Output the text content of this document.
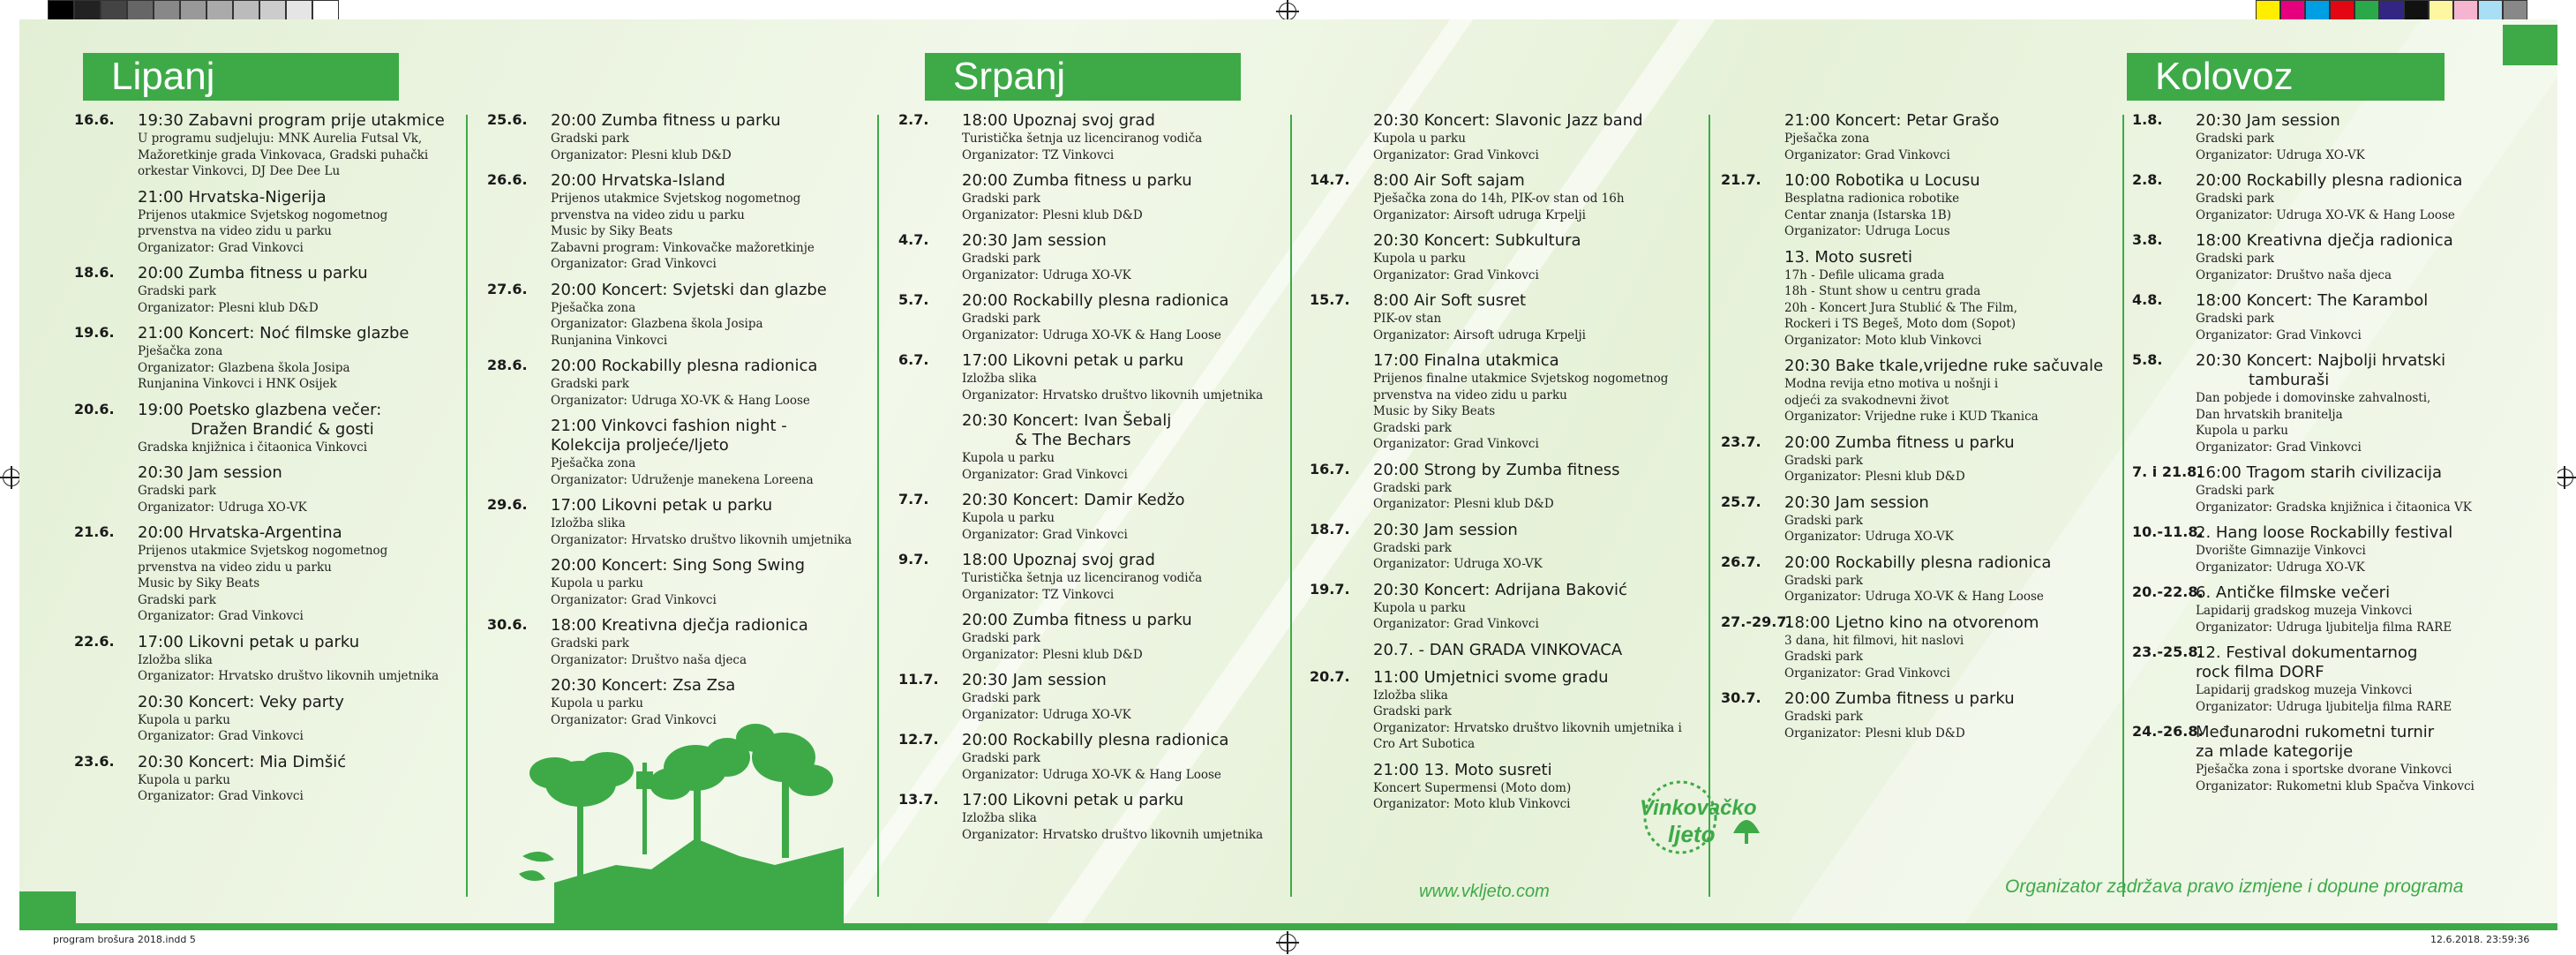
Lipanj	Srpanj	Kolovoz
16.6. 19:30 Zabavni program prije utakmice
U programu sudjeluju: MNK Aurelia Futsal Vk,
Mažoretkinje grada Vinkovaca, Gradski puhački
orkestar Vinkovci, DJ Dee Dee Lu
21:00 Hrvatska-Nigerija
Prijenos utakmice Svjetskog nogometnog
prvenstva na video zidu u parku
Organizator: Grad Vinkovci
18.6. 20:00 Zumba fitness u parku
Gradski park
Organizator: Plesni klub D&D
19.6. 21:00 Koncert: Noć filmske glazbe
Pješačka zona
Organizator: Glazbena škola Josipa
Runjanina Vinkovci i HNK Osijek
20.6. 19:00 Poetsko glazbena večer:
Dražen Brandić & gosti
Gradska knjižnica i čitaonica Vinkovci
20:30 Jam session
Gradski park
Organizator: Udruga XO-VK
21.6. 20:00 Hrvatska-Argentina
Prijenos utakmice Svjetskog nogometnog
prvenstva na video zidu u parku
Music by Siky Beats
Gradski park
Organizator: Grad Vinkovci
22.6. 17:00 Likovni petak u parku
Izložba slika
Organizator: Hrvatsko društvo likovnih umjetnika
20:30 Koncert: Veky party
Kupola u parku
Organizator: Grad Vinkovci
23.6. 20:30 Koncert: Mia Dimšić
Kupola u parku
Organizator: Grad Vinkovci
25.6. 20:00 Zumba fitness u parku
Gradski park
Organizator: Plesni klub D&D
26.6. 20:00 Hrvatska-Island
Prijenos utakmice Svjetskog nogometnog
prvenstva na video zidu u parku
Music by Siky Beats
Zabavni program: Vinkovačke mažoretkinje
Organizator: Grad Vinkovci
27.6. 20:00 Koncert: Svjetski dan glazbe
Pješačka zona
Organizator: Glazbena škola Josipa
Runjanina Vinkovci
28.6. 20:00 Rockabilly plesna radionica
Gradski park
Organizator: Udruga XO-VK & Hang Loose
21:00 Vinkovci fashion night -
Kolekcija proljeće/ljeto
Pješačka zona
Organizator: Udruženje manekena Loreena
29.6. 17:00 Likovni petak u parku
Izložba slika
Organizator: Hrvatsko društvo likovnih umjetnika
20:00 Koncert: Sing Song Swing
Kupola u parku
Organizator: Grad Vinkovci
30.6. 18:00 Kreativna dječja radionica
Gradski park
Organizator: Društvo naša djeca
20:30 Koncert: Zsa Zsa
Kupola u parku
Organizator: Grad Vinkovci
2.7. 18:00 Upoznaj svoj grad
Turistička šetnja uz licenciranog vodiča
Organizator: TZ Vinkovci
20:00 Zumba fitness u parku
Gradski park
Organizator: Plesni klub D&D
4.7. 20:30 Jam session
Gradski park
Organizator: Udruga XO-VK
5.7. 20:00 Rockabilly plesna radionica
Gradski park
Organizator: Udruga XO-VK & Hang Loose
6.7. 17:00 Likovni petak u parku
Izložba slika
Organizator: Hrvatsko društvo likovnih umjetnika
20:30 Koncert: Ivan Šebalj
& The Bechars
Kupola u parku
Organizator: Grad Vinkovci
7.7. 20:30 Koncert: Damir Kedžo
Kupola u parku
Organizator: Grad Vinkovci
9.7. 18:00 Upoznaj svoj grad
Turistička šetnja uz licenciranog vodiča
Organizator: TZ Vinkovci
20:00 Zumba fitness u parku
Gradski park
Organizator: Plesni klub D&D
11.7. 20:30 Jam session
Gradski park
Organizator: Udruga XO-VK
12.7. 20:00 Rockabilly plesna radionica
Gradski park
Organizator: Udruga XO-VK & Hang Loose
13.7. 17:00 Likovni petak u parku
Izložba slika
Organizator: Hrvatsko društvo likovnih umjetnika
20:30 Koncert: Slavonic Jazz band
Kupola u parku
Organizator: Grad Vinkovci
14.7. 8:00 Air Soft sajam
Pješačka zona do 14h, PIK-ov stan od 16h
Organizator: Airsoft udruga Krpelji
20:30 Koncert: Subkultura
Kupola u parku
Organizator: Grad Vinkovci
15.7. 8:00 Air Soft susret
PIK-ov stan
Organizator: Airsoft udruga Krpelji
17:00 Finalna utakmica
Prijenos finalne utakmice Svjetskog nogometnog
prvenstva na video zidu u parku
Music by Siky Beats
Gradski park
Organizator: Grad Vinkovci
16.7. 20:00 Strong by Zumba fitness
Gradski park
Organizator: Plesni klub D&D
18.7. 20:30 Jam session
Gradski park
Organizator: Udruga XO-VK
19.7. 20:30 Koncert: Adrijana Baković
Kupola u parku
Organizator: Grad Vinkovci
20.7. - DAN GRADA VINKOVACA
20.7. 11:00 Umjetnici svome gradu
Izložba slika
Gradski park
Organizator: Hrvatsko društvo likovnih umjetnika i
Cro Art Subotica
21:00 13. Moto susreti
Koncert Supermensi (Moto dom)
Organizator: Moto klub Vinkovci
21:00 Koncert: Petar Grašo
Pješačka zona
Organizator: Grad Vinkovci
21.7. 10:00 Robotika u Locusu
Besplatna radionica robotike
Centar znanja (Istarska 1B)
Organizator: Udruga Locus
13. Moto susreti
17h - Defile ulicama grada
18h - Stunt show u centru grada
20h - Koncert Jura Stublić & The Film,
Rockeri i TS Begeš, Moto dom (Sopot)
Organizator: Moto klub Vinkovci
20:30 Bake tkale,vrijedne ruke sačuvale
Modna revija etno motiva u nošnji i
odjeći za svakodnevni život
Organizator: Vrijedne ruke i KUD Tkanica
23.7. 20:00 Zumba fitness u parku
Gradski park
Organizator: Plesni klub D&D
25.7. 20:30 Jam session
Gradski park
Organizator: Udruga XO-VK
26.7. 20:00 Rockabilly plesna radionica
Gradski park
Organizator: Udruga XO-VK & Hang Loose
27.-29.7.
18:00 Ljetno kino na otvorenom
3 dana, hit filmovi, hit naslovi
Gradski park
Organizator: Grad Vinkovci
30.7. 20:00 Zumba fitness u parku
Gradski park
Organizator: Plesni klub D&D
1.8. 20:30 Jam session
Gradski park
Organizator: Udruga XO-VK
2.8. 20:00 Rockabilly plesna radionica
Gradski park
Organizator: Udruga XO-VK & Hang Loose
3.8. 18:00 Kreativna dječja radionica
Gradski park
Organizator: Društvo naša djeca
4.8. 18:00 Koncert: The Karambol
Gradski park
Organizator: Grad Vinkovci
5.8. 20:30 Koncert: Najbolji hrvatski
tamburaši
Dan pobjede i domovinske zahvalnosti,
Dan hrvatskih branitelja
Kupola u parku
Organizator: Grad Vinkovci
7. i 21.8.
16:00 Tragom starih civilizacija
Gradski park
Organizator: Gradska knjižnica i čitaonica VK
10.-11.8.
2. Hang loose Rockabilly festival
Dvorište Gimnazije Vinkovci
Organizator: Udruga XO-VK
20.-22.8.
6. Antičke filmske večeri
Lapidarij gradskog muzeja Vinkovci
Organizator: Udruga ljubitelja filma RARE
23.-25.8.
12. Festival dokumentarnog
rock filma DORF
Lapidarij gradskog muzeja Vinkovci
Organizator: Udruga ljubitelja filma RARE
24.-26.8.
Međunarodni rukometni turnir
za mlade kategorije
Pješačka zona i sportske dvorane Vinkovci
Organizator: Rukometni klub Spačva Vinkovci
Vinkovačko
ljeto
www.vkljeto.com	Organizator zadržava pravo izmjene i dopune programa
program brošura 2018.indd 5	12.6.2018. 23:59:36
